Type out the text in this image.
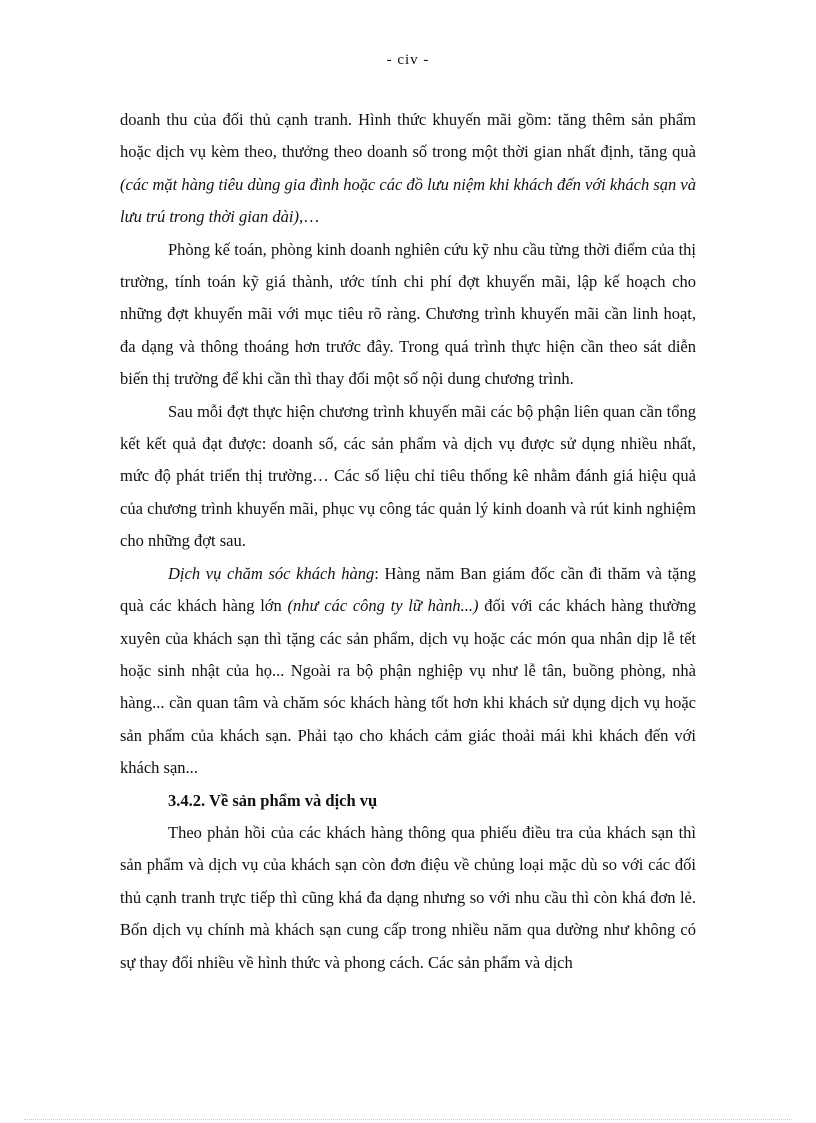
- civ -

doanh thu của đối thủ cạnh tranh. Hình thức khuyến mãi gồm: tăng thêm sản phẩm hoặc dịch vụ kèm theo, thưởng theo doanh số trong một thời gian nhất định, tăng quà (các mặt hàng tiêu dùng gia đình hoặc các đồ lưu niệm khi khách đến với khách sạn và lưu trú trong thời gian dài),…

Phòng kế toán, phòng kinh doanh nghiên cứu kỹ nhu cầu từng thời điểm của thị trường, tính toán kỹ giá thành, ước tính chi phí đợt khuyến mãi, lập kế hoạch cho những đợt khuyến mãi với mục tiêu rõ ràng. Chương trình khuyến mãi cần linh hoạt, đa dạng và thông thoáng hơn trước đây. Trong quá trình thực hiện cần theo sát diễn biến thị trường để khi cần thì thay đổi một số nội dung chương trình.

Sau mỗi đợt thực hiện chương trình khuyến mãi các bộ phận liên quan cần tổng kết kết quả đạt được: doanh số, các sản phẩm và dịch vụ được sử dụng nhiều nhất, mức độ phát triển thị trường… Các số liệu chỉ tiêu thống kê nhằm đánh giá hiệu quả của chương trình khuyến mãi, phục vụ công tác quản lý kinh doanh và rút kinh nghiệm cho những đợt sau.

Dịch vụ chăm sóc khách hàng: Hàng năm Ban giám đốc cần đi thăm và tặng quà các khách hàng lớn (như các công ty lữ hành...) đối với các khách hàng thường xuyên của khách sạn thì tặng các sản phẩm, dịch vụ hoặc các món qua nhân dịp lễ tết hoặc sinh nhật của họ... Ngoài ra bộ phận nghiệp vụ như lễ tân, buồng phòng, nhà hàng... cần quan tâm và chăm sóc khách hàng tốt hơn khi khách sử dụng dịch vụ hoặc sản phẩm của khách sạn. Phải tạo cho khách cảm giác thoải mái khi khách đến với khách sạn...

3.4.2. Về sản phẩm và dịch vụ

Theo phản hồi của các khách hàng thông qua phiếu điều tra của khách sạn thì sản phẩm và dịch vụ của khách sạn còn đơn điệu về chủng loại mặc dù so với các đối thủ cạnh tranh trực tiếp thì cũng khá đa dạng nhưng so với nhu cầu thì còn khá đơn lẻ. Bốn dịch vụ chính mà khách sạn cung cấp trong nhiều năm qua dường như không có sự thay đổi nhiều về hình thức và phong cách. Các sản phẩm và dịch
